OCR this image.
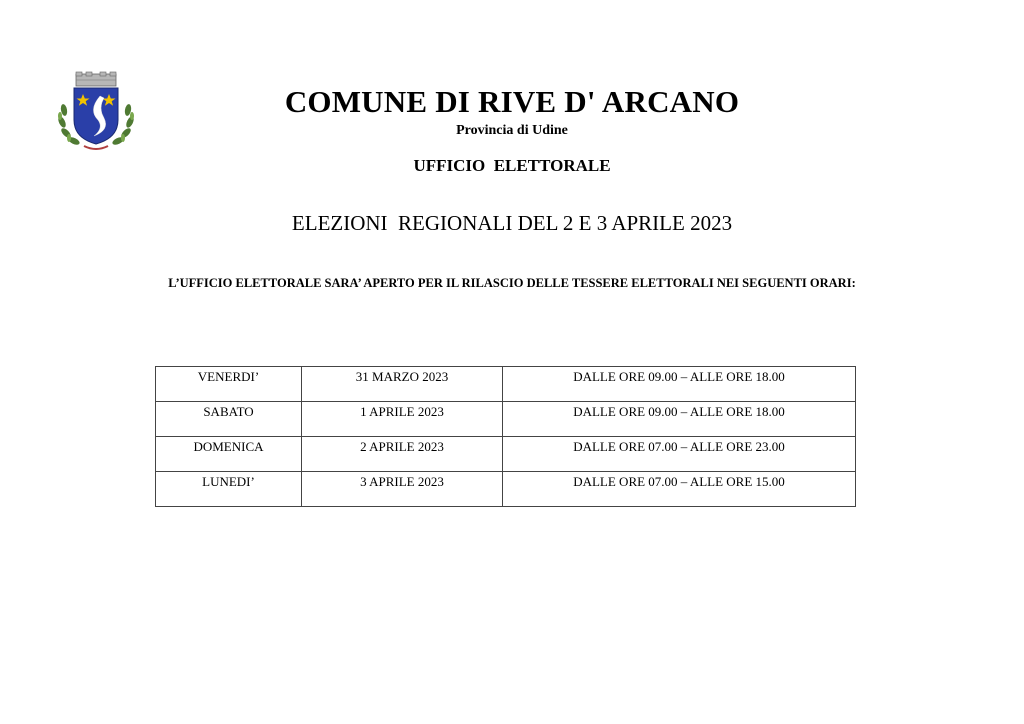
COMUNE DI RIVE D' ARCANO
Provincia di Udine
UFFICIO  ELETTORALE
ELEZIONI  REGIONALI DEL 2 E 3 APRILE 2023
L’UFFICIO ELETTORALE SARA’ APERTO PER IL RILASCIO DELLE TESSERE ELETTORALI NEI SEGUENTI ORARI:
VENERDI’	31 MARZO 2023	DALLE ORE 09.00 – ALLE ORE 18.00
SABATO	1 APRILE 2023	DALLE ORE 09.00 – ALLE ORE 18.00
DOMENICA	2 APRILE 2023	DALLE ORE 07.00 – ALLE ORE 23.00
LUNEDI’	3 APRILE 2023	DALLE ORE 07.00 – ALLE ORE 15.00
